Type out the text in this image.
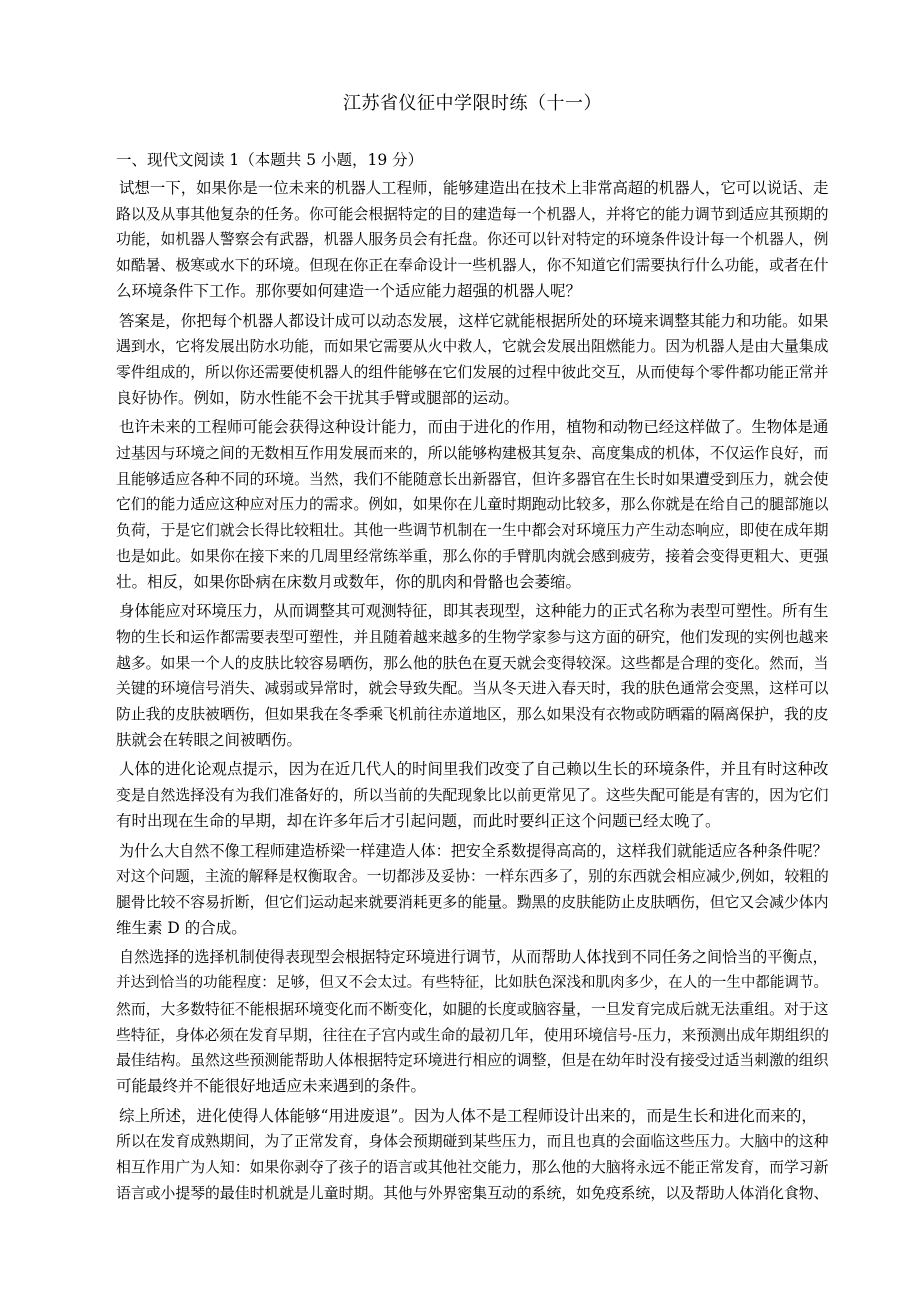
江苏省仪征中学限时练（十一）
一、现代文阅读 1（本题共 5 小题，19 分）
试想一下，如果你是一位未来的机器人工程师，能够建造出在技术上非常高超的机器人，它可以说话、走
路以及从事其他复杂的任务。你可能会根据特定的目的建造每一个机器人，并将它的能力调节到适应其预期的
功能，如机器人警察会有武器，机器人服务员会有托盘。你还可以针对特定的环境条件设计每一个机器人，例
如酷暑、极寒或水下的环境。但现在你正在奉命设计一些机器人，你不知道它们需要执行什么功能，或者在什
么环境条件下工作。那你要如何建造一个适应能力超强的机器人呢？
答案是，你把每个机器人都设计成可以动态发展，这样它就能根据所处的环境来调整其能力和功能。如果
遇到水，它将发展出防水功能，而如果它需要从火中救人，它就会发展出阻燃能力。因为机器人是由大量集成
零件组成的，所以你还需要使机器人的组件能够在它们发展的过程中彼此交互，从而使每个零件都功能正常并
良好协作。例如，防水性能不会干扰其手臂或腿部的运动。
也许未来的工程师可能会获得这种设计能力，而由于进化的作用，植物和动物已经这样做了。生物体是通
过基因与环境之间的无数相互作用发展而来的，所以能够构建极其复杂、高度集成的机体，不仅运作良好，而
且能够适应各种不同的环境。当然，我们不能随意长出新器官，但许多器官在生长时如果遭受到压力，就会使
它们的能力适应这种应对压力的需求。例如，如果你在儿童时期跑动比较多，那么你就是在给自己的腿部施以
负荷，于是它们就会长得比较粗壮。其他一些调节机制在一生中都会对环境压力产生动态响应，即使在成年期
也是如此。如果你在接下来的几周里经常练举重，那么你的手臂肌肉就会感到疲劳，接着会变得更粗大、更强
壮。相反，如果你卧病在床数月或数年，你的肌肉和骨骼也会萎缩。
身体能应对环境压力，从而调整其可观测特征，即其表现型，这种能力的正式名称为表型可塑性。所有生
物的生长和运作都需要表型可塑性，并且随着越来越多的生物学家参与这方面的研究，他们发现的实例也越来
越多。如果一个人的皮肤比较容易晒伤，那么他的肤色在夏天就会变得较深。这些都是合理的变化。然而，当
关键的环境信号消失、减弱或异常时，就会导致失配。当从冬天进入春天时，我的肤色通常会变黑，这样可以
防止我的皮肤被晒伤，但如果我在冬季乘飞机前往赤道地区，那么如果没有衣物或防晒霜的隔离保护，我的皮
肤就会在转眼之间被晒伤。
人体的进化论观点提示，因为在近几代人的时间里我们改变了自己赖以生长的环境条件，并且有时这种改
变是自然选择没有为我们准备好的，所以当前的失配现象比以前更常见了。这些失配可能是有害的，因为它们
有时出现在生命的早期，却在许多年后才引起问题，而此时要纠正这个问题已经太晚了。
为什么大自然不像工程师建造桥梁一样建造人体：把安全系数提得高高的，这样我们就能适应各种条件呢？
对这个问题，主流的解释是权衡取舍。一切都涉及妥协：一样东西多了，别的东西就会相应减少,例如，较粗的
腿骨比较不容易折断，但它们运动起来就要消耗更多的能量。黝黑的皮肤能防止皮肤晒伤，但它又会减少体内
维生素 D 的合成。
自然选择的选择机制使得表现型会根据特定环境进行调节，从而帮助人体找到不同任务之间恰当的平衡点，
并达到恰当的功能程度：足够，但又不会太过。有些特征，比如肤色深浅和肌肉多少，在人的一生中都能调节。
然而，大多数特征不能根据环境变化而不断变化，如腿的长度或脑容量，一旦发育完成后就无法重组。对于这
些特征，身体必须在发育早期，往往在子宫内或生命的最初几年，使用环境信号-压力，来预测出成年期组织的
最佳结构。虽然这些预测能帮助人体根据特定环境进行相应的调整，但是在幼年时没有接受过适当刺激的组织
可能最终并不能很好地适应未来遇到的条件。
综上所述，进化使得人体能够“用进废退”。因为人体不是工程师设计出来的，而是生长和进化而来的，
所以在发育成熟期间，为了正常发育，身体会预期碰到某些压力，而且也真的会面临这些压力。大脑中的这种
相互作用广为人知：如果你剥夺了孩子的语言或其他社交能力，那么他的大脑将永远不能正常发育，而学习新
语言或小提琴的最佳时机就是儿童时期。其他与外界密集互动的系统，如免疫系统，以及帮助人体消化食物、
